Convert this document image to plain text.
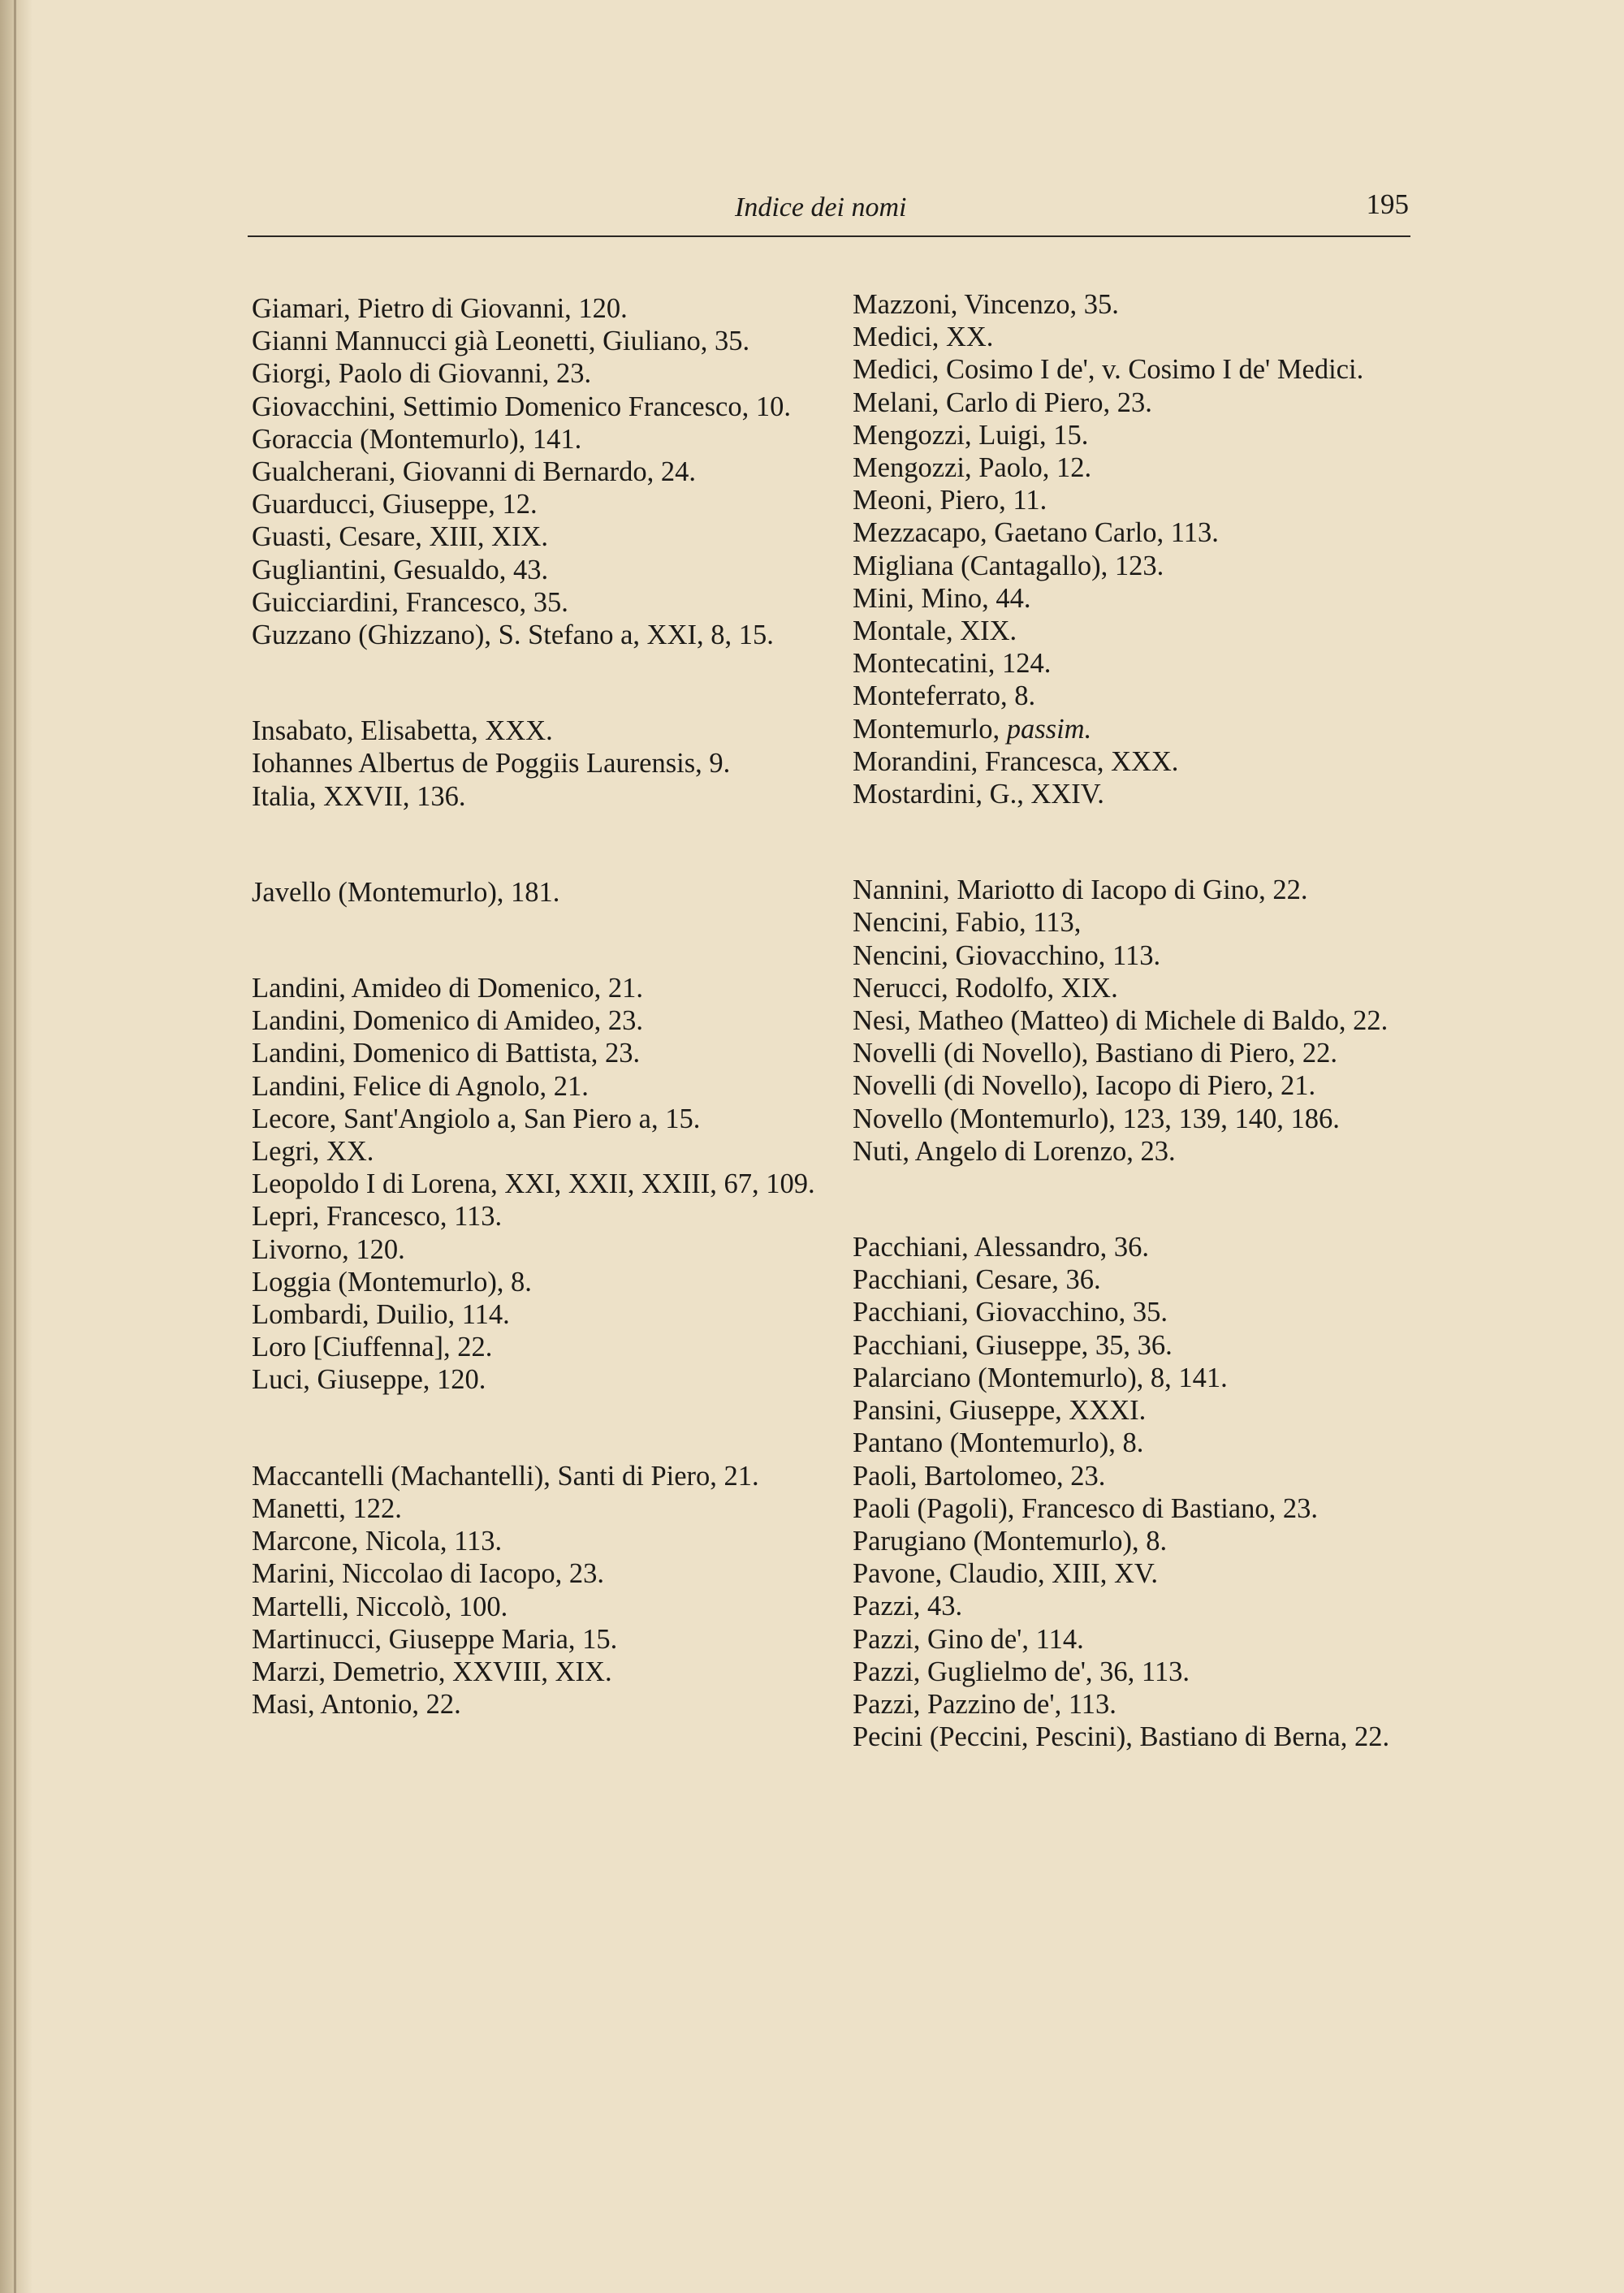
Indice dei nomi	195

Giamari, Pietro di Giovanni, 120.

Gianni Mannucci già Leonetti, Giuliano, 35.

Giorgi, Paolo di Giovanni, 23.

Giovacchini, Settimio Domenico Francesco, 10.

Goraccia (Montemurlo), 141.

Gualcherani, Giovanni di Bernardo, 24.

Guarducci, Giuseppe, 12.

Guasti, Cesare, XIII, XIX.

Gugliantini, Gesualdo, 43.

Guicciardini, Francesco, 35.

Guzzano (Ghizzano), S. Stefano a, XXI, 8, 15.

Insabato, Elisabetta, XXX.

Iohannes Albertus de Poggiis Laurensis, 9.

Italia, XXVII, 136.

Javello (Montemurlo), 181.

Landini, Amideo di Domenico, 21.

Landini, Domenico di Amideo, 23.

Landini, Domenico di Battista, 23.

Landini, Felice di Agnolo, 21.

Lecore, Sant'Angiolo a, San Piero a, 15.

Legri, XX.

Leopoldo I di Lorena, XXI, XXII, XXIII, 67, 109.

Lepri, Francesco, 113.

Livorno, 120.

Loggia (Montemurlo), 8.

Lombardi, Duilio, 114.

Loro [Ciuffenna], 22.

Luci, Giuseppe, 120.

Maccantelli (Machantelli), Santi di Piero, 21.

Manetti, 122.

Marcone, Nicola, 113.

Marini, Niccolao di Iacopo, 23.

Martelli, Niccolò, 100.

Martinucci, Giuseppe Maria, 15.

Marzi, Demetrio, XXVIII, XIX.

Masi, Antonio, 22.

Mazzoni, Vincenzo, 35.

Medici, XX.

Medici, Cosimo I de', v. Cosimo I de' Medici.

Melani, Carlo di Piero, 23.

Mengozzi, Luigi, 15.

Mengozzi, Paolo, 12.

Meoni, Piero, 11.

Mezzacapo, Gaetano Carlo, 113.

Migliana (Cantagallo), 123.

Mini, Mino, 44.

Montale, XIX.

Montecatini, 124.

Monteferrato, 8.

Montemurlo, passim.

Morandini, Francesca, XXX.

Mostardini, G., XXIV.

Nannini, Mariotto di Iacopo di Gino, 22.

Nencini, Fabio, 113,

Nencini, Giovacchino, 113.

Nerucci, Rodolfo, XIX.

Nesi, Matheo (Matteo) di Michele di Baldo, 22.

Novelli (di Novello), Bastiano di Piero, 22.

Novelli (di Novello), Iacopo di Piero, 21.

Novello (Montemurlo), 123, 139, 140, 186.

Nuti, Angelo di Lorenzo, 23.

Pacchiani, Alessandro, 36.

Pacchiani, Cesare, 36.

Pacchiani, Giovacchino, 35.

Pacchiani, Giuseppe, 35, 36.

Palarciano (Montemurlo), 8, 141.

Pansini, Giuseppe, XXXI.

Pantano (Montemurlo), 8.

Paoli, Bartolomeo, 23.

Paoli (Pagoli), Francesco di Bastiano, 23.

Parugiano (Montemurlo), 8.

Pavone, Claudio, XIII, XV.

Pazzi, 43.

Pazzi, Gino de', 114.

Pazzi, Guglielmo de', 36, 113.

Pazzi, Pazzino de', 113.

Pecini (Peccini, Pescini), Bastiano di Berna, 22.
